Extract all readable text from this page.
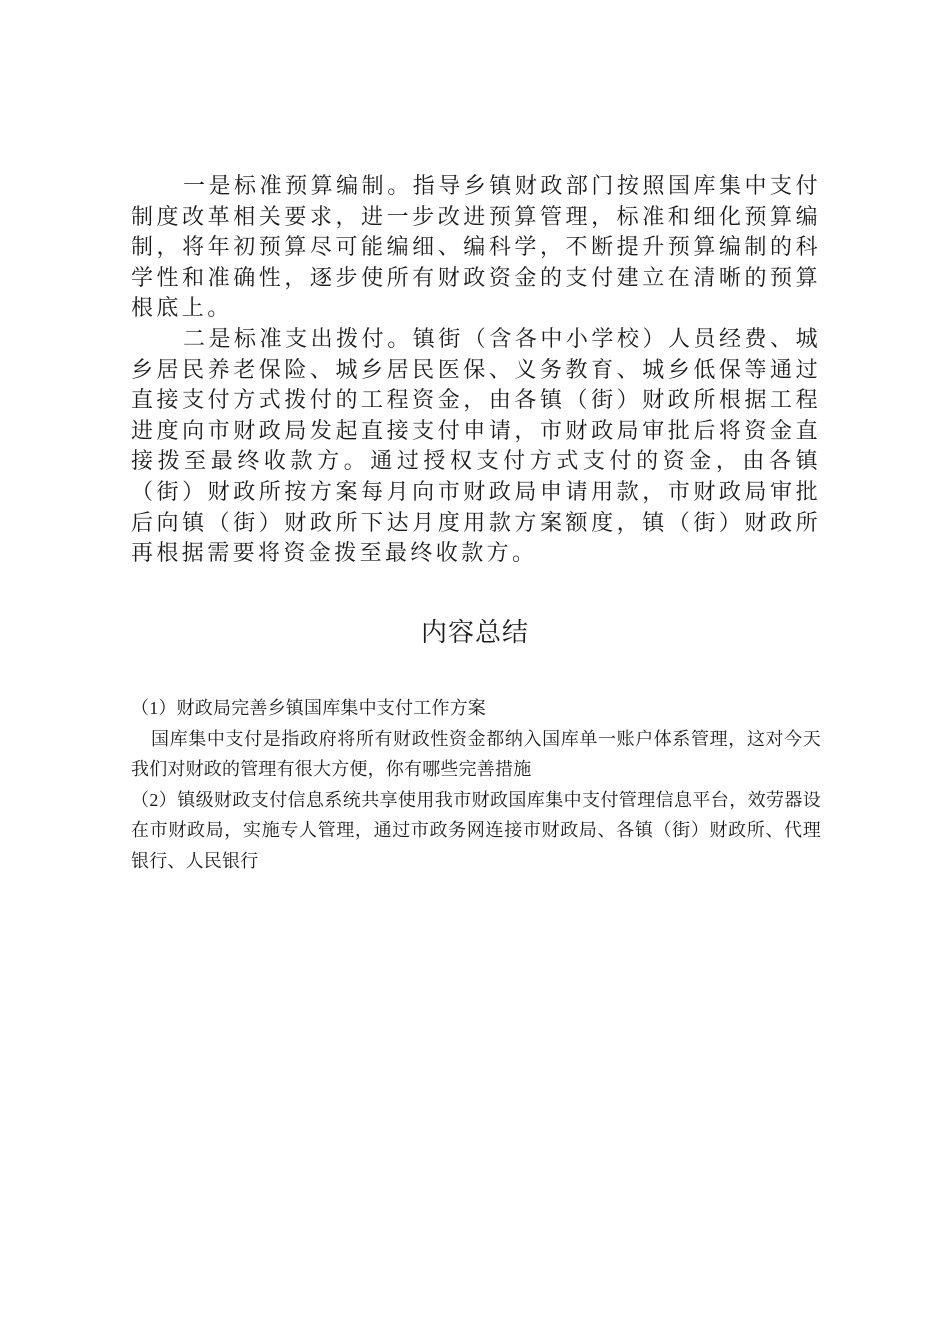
一是标准预算编制。指导乡镇财政部门按照国库集中支付制度改革相关要求，进一步改进预算管理，标准和细化预算编制，将年初预算尽可能编细、编科学，不断提升预算编制的科学性和准确性，逐步使所有财政资金的支付建立在清晰的预算根底上。

二是标准支出拨付。镇街（含各中小学校）人员经费、城乡居民养老保险、城乡居民医保、义务教育、城乡低保等通过直接支付方式拨付的工程资金，由各镇（街）财政所根据工程进度向市财政局发起直接支付申请，市财政局审批后将资金直接拨至最终收款方。通过授权支付方式支付的资金，由各镇（街）财政所按方案每月向市财政局申请用款，市财政局审批后向镇（街）财政所下达月度用款方案额度，镇（街）财政所再根据需要将资金拨至最终收款方。

内容总结

（1）财政局完善乡镇国库集中支付工作方案

国库集中支付是指政府将所有财政性资金都纳入国库单一账户体系管理，这对今天我们对财政的管理有很大方便，你有哪些完善措施

（2）镇级财政支付信息系统共享使用我市财政国库集中支付管理信息平台，效劳器设在市财政局，实施专人管理，通过市政务网连接市财政局、各镇（街）财政所、代理银行、人民银行
